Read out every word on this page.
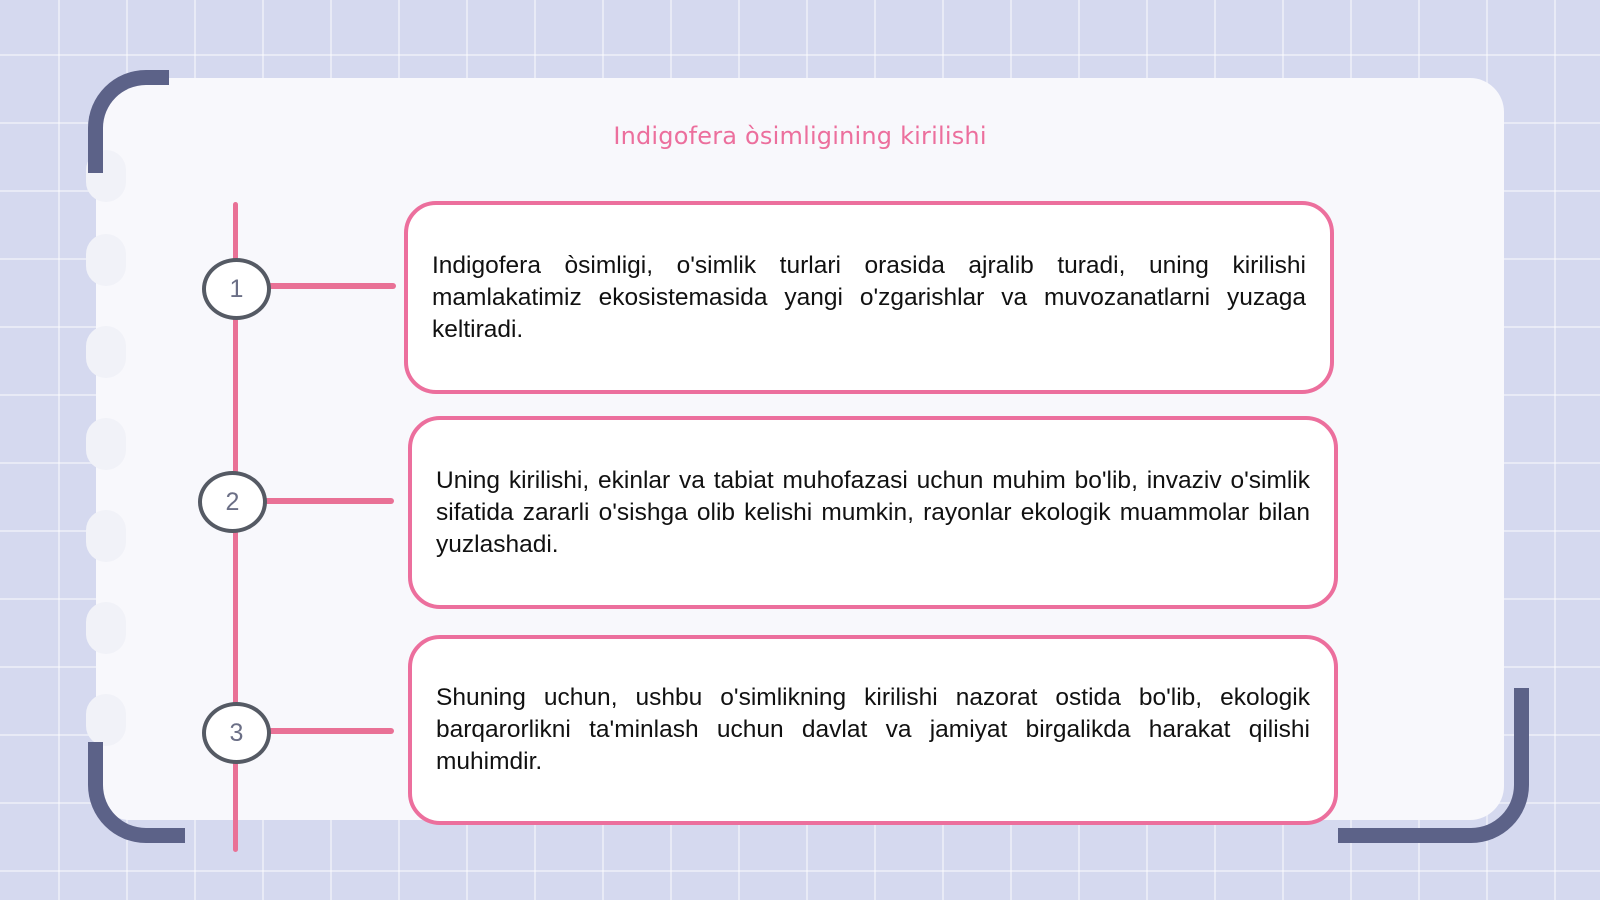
Indigofera òsimligining kirilishi
1
2
3

Indigofera òsimligi, o'simlik turlari orasida ajralib turadi, uning kirilishi mamlakatimiz ekosistemasida yangi o'zgarishlar va muvozanatlarni yuzaga keltiradi.

Uning kirilishi, ekinlar va tabiat muhofazasi uchun muhim bo'lib, invaziv o'simlik sifatida zararli o'sishga olib kelishi mumkin, rayonlar ekologik muammolar bilan yuzlashadi.

Shuning uchun, ushbu o'simlikning kirilishi nazorat ostida bo'lib, ekologik barqarorlikni ta'minlash uchun davlat va jamiyat birgalikda harakat qilishi muhimdir.
